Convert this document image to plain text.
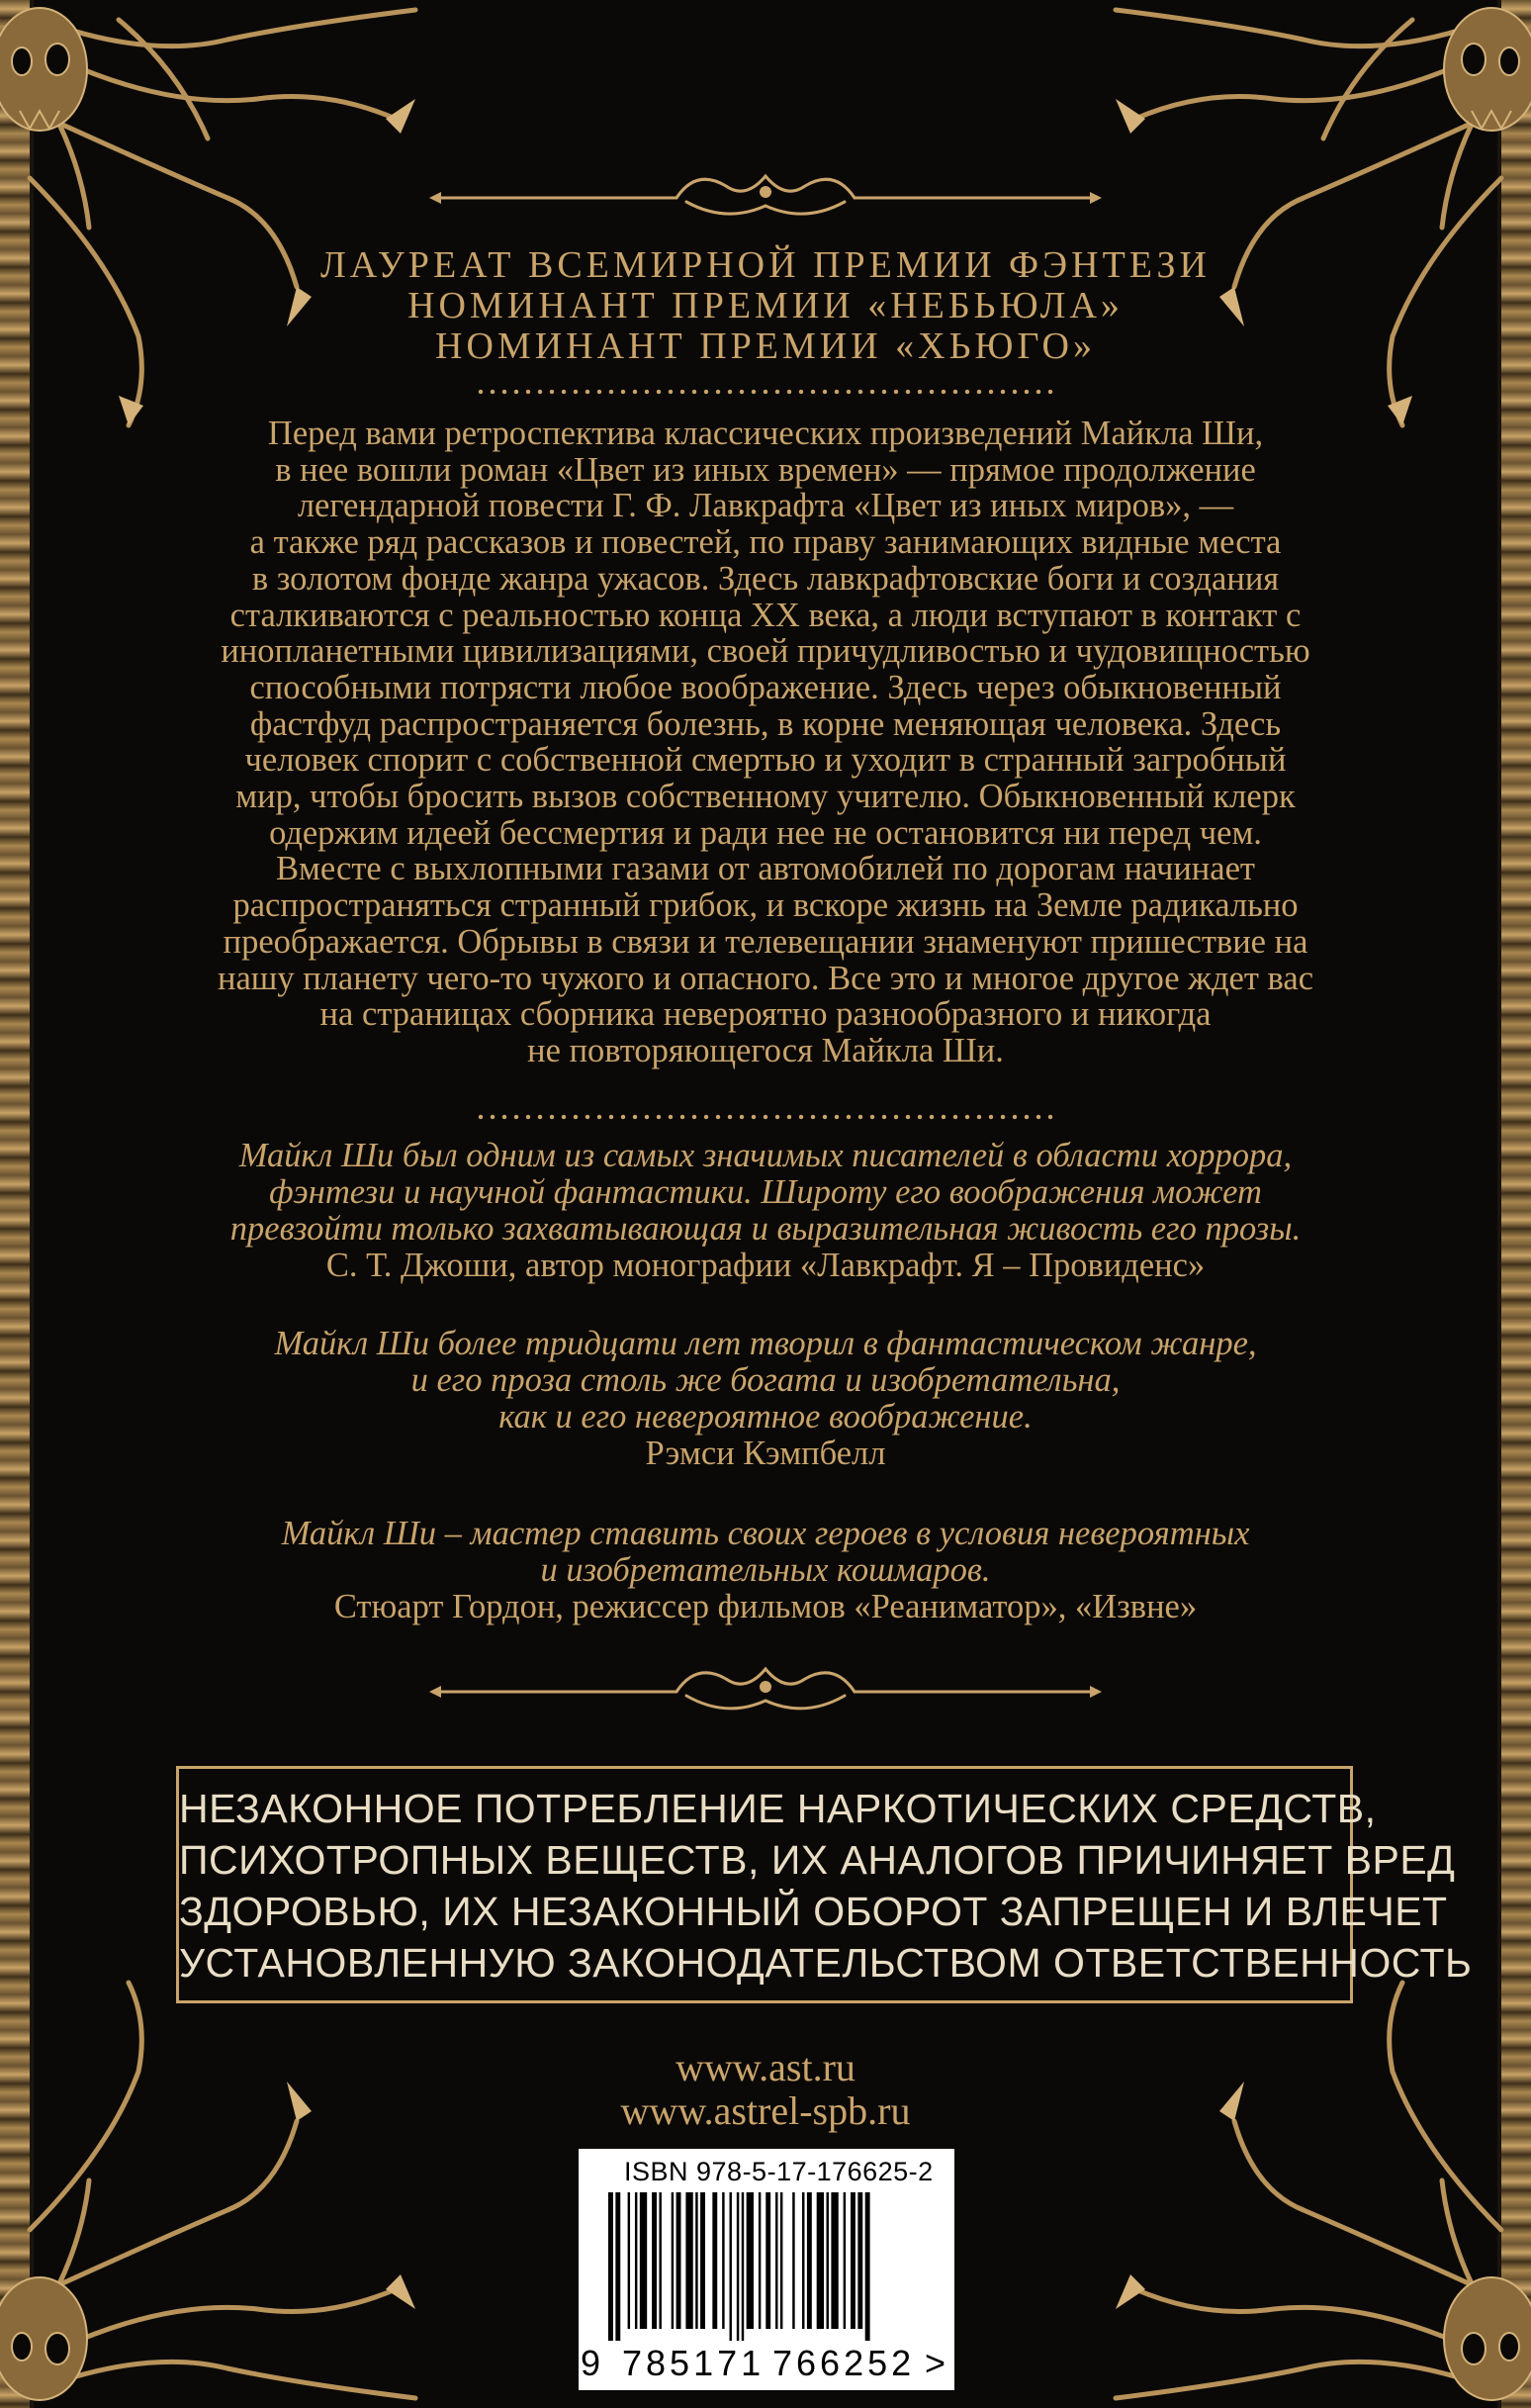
ЛАУРЕАТ ВСЕМИРНОЙ ПРЕМИИ ФЭНТЕЗИ
НОМИНАНТ ПРЕМИИ «НЕБЬЮЛА»
НОМИНАНТ ПРЕМИИ «ХЬЮГО»
Перед вами ретроспектива классических произведений Майкла Ши,
в нее вошли роман «Цвет из иных времен» — прямое продолжение
легендарной повести Г. Ф. Лавкрафта «Цвет из иных миров», —
а также ряд рассказов и повестей, по праву занимающих видные места
в золотом фонде жанра ужасов. Здесь лавкрафтовские боги и создания
сталкиваются с реальностью конца XX века, а люди вступают в контакт с
инопланетными цивилизациями, своей причудливостью и чудовищностью
способными потрясти любое воображение. Здесь через обыкновенный
фастфуд распространяется болезнь, в корне меняющая человека. Здесь
человек спорит с собственной смертью и уходит в странный загробный
мир, чтобы бросить вызов собственному учителю. Обыкновенный клерк
одержим идеей бессмертия и ради нее не остановится ни перед чем.
Вместе с выхлопными газами от автомобилей по дорогам начинает
распространяться странный грибок, и вскоре жизнь на Земле радикально
преображается. Обрывы в связи и телевещании знаменуют пришествие на
нашу планету чего-то чужого и опасного. Все это и многое другое ждет вас
на страницах сборника невероятно разнообразного и никогда
не повторяющегося Майкла Ши.
Майкл Ши был одним из самых значимых писателей в области хоррора,
фэнтези и научной фантастики. Широту его воображения может
превзойти только захватывающая и выразительная живость его прозы.
С. Т. Джоши, автор монографии «Лавкрафт. Я – Провиденс»
Майкл Ши более тридцати лет творил в фантастическом жанре,
и его проза столь же богата и изобретательна,
как и его невероятное воображение.
Рэмси Кэмпбелл
Майкл Ши – мастер ставить своих героев в условия невероятных
и изобретательных кошмаров.
Стюарт Гордон, режиссер фильмов «Реаниматор», «Извне»
НЕЗАКОННОЕ ПОТРЕБЛЕНИЕ НАРКОТИЧЕСКИХ СРЕДСТВ,
ПСИХОТРОПНЫХ ВЕЩЕСТВ, ИХ АНАЛОГОВ ПРИЧИНЯЕТ ВРЕД
ЗДОРОВЬЮ, ИХ НЕЗАКОННЫЙ ОБОРОТ ЗАПРЕЩЕН И ВЛЕЧЕТ
УСТАНОВЛЕННУЮ ЗАКОНОДАТЕЛЬСТВОМ ОТВЕТСТВЕННОСТЬ
www.ast.ru
www.astrel-spb.ru
ISBN 978-5-17-176625-2
9 785171 766252 >
